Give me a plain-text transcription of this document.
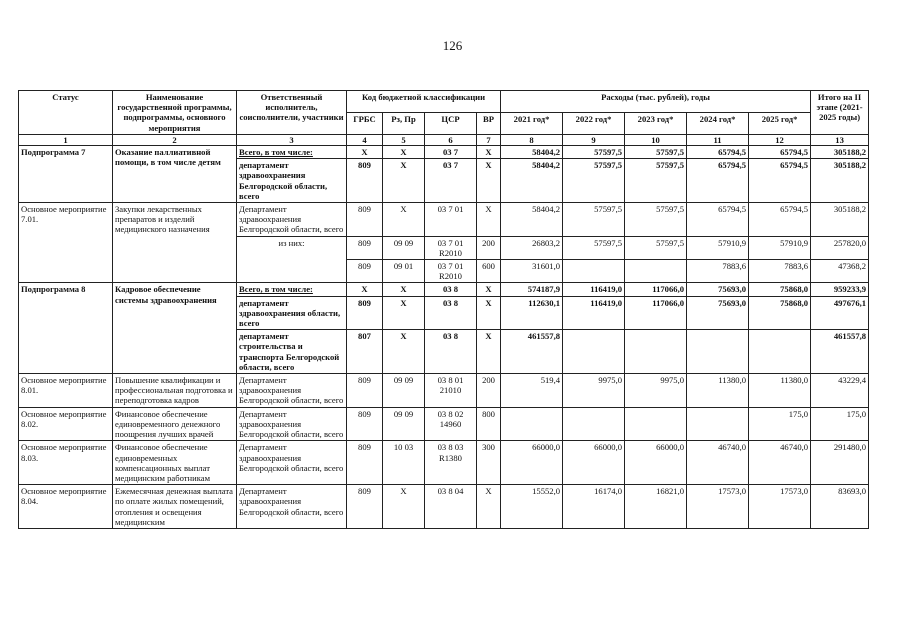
126
Статус	Наименование государственной программы, подпрограммы, основного мероприятия	Ответственный исполнитель, соисполнители, участники	Код бюджетной классификации				Расходы (тыс. рублей), годы					Итого на II этапе (2021-2025 годы)
			ГРБС	Рз, Пр	ЦСР	ВР	2021 год*	2022 год*	2023 год*	2024 год*	2025 год*	
1	2	3	4	5	6	7	8	9	10	11	12	13
Подпрограмма 7	Оказание паллиативной помощи, в том числе детям	Всего, в том числе:	Х	Х	03 7	Х	58404,2	57597,5	57597,5	65794,5	65794,5	305188,2
		департамент здравоохранения Белгородской области, всего	809	Х	03 7	Х	58404,2	57597,5	57597,5	65794,5	65794,5	305188,2
Основное мероприятие 7.01.	Закупки лекарственных препаратов и изделий медицинского назначения	Департамент здравоохранения Белгородской области, всего	809	Х	03 7 01	Х	58404,2	57597,5	57597,5	65794,5	65794,5	305188,2
		из них:	809	09 09	03 7 01 R2010	200	26803,2	57597,5	57597,5	57910,9	57910,9	257820,0
			809	09 01	03 7 01 R2010	600	31601,0			7883,6	7883,6	47368,2
Подпрограмма 8	Кадровое обеспечение системы здравоохранения	Всего, в том числе:	Х	Х	03 8	Х	574187,9	116419,0	117066,0	75693,0	75868,0	959233,9
		департамент здравоохранения области, всего	809	Х	03 8	Х	112630,1	116419,0	117066,0	75693,0	75868,0	497676,1
		департамент строительства и транспорта Белгородской области, всего	807	Х	03 8	Х	461557,8					461557,8
Основное мероприятие 8.01.	Повышение квалификации и профессиональная подготовка и переподготовка кадров	Департамент здравоохранения Белгородской области, всего	809	09 09	03 8 01 21010	200	519,4	9975,0	9975,0	11380,0	11380,0	43229,4
Основное мероприятие 8.02.	Финансовое обеспечение единовременного денежного поощрения лучших врачей	Департамент здравоохранения Белгородской области, всего	809	09 09	03 8 02 14960	800					175,0	175,0
Основное мероприятие 8.03.	Финансовое обеспечение единовременных компенсационных выплат медицинским работникам	Департамент здравоохранения Белгородской области, всего	809	10 03	03 8 03 R1380	300	66000,0	66000,0	66000,0	46740,0	46740,0	291480,0
Основное мероприятие 8.04.	Ежемесячная денежная выплата по оплате жилых помещений, отопления и освещения медицинским	Департамент здравоохранения Белгородской области, всего	809	Х	03 8 04	Х	15552,0	16174,0	16821,0	17573,0	17573,0	83693,0
